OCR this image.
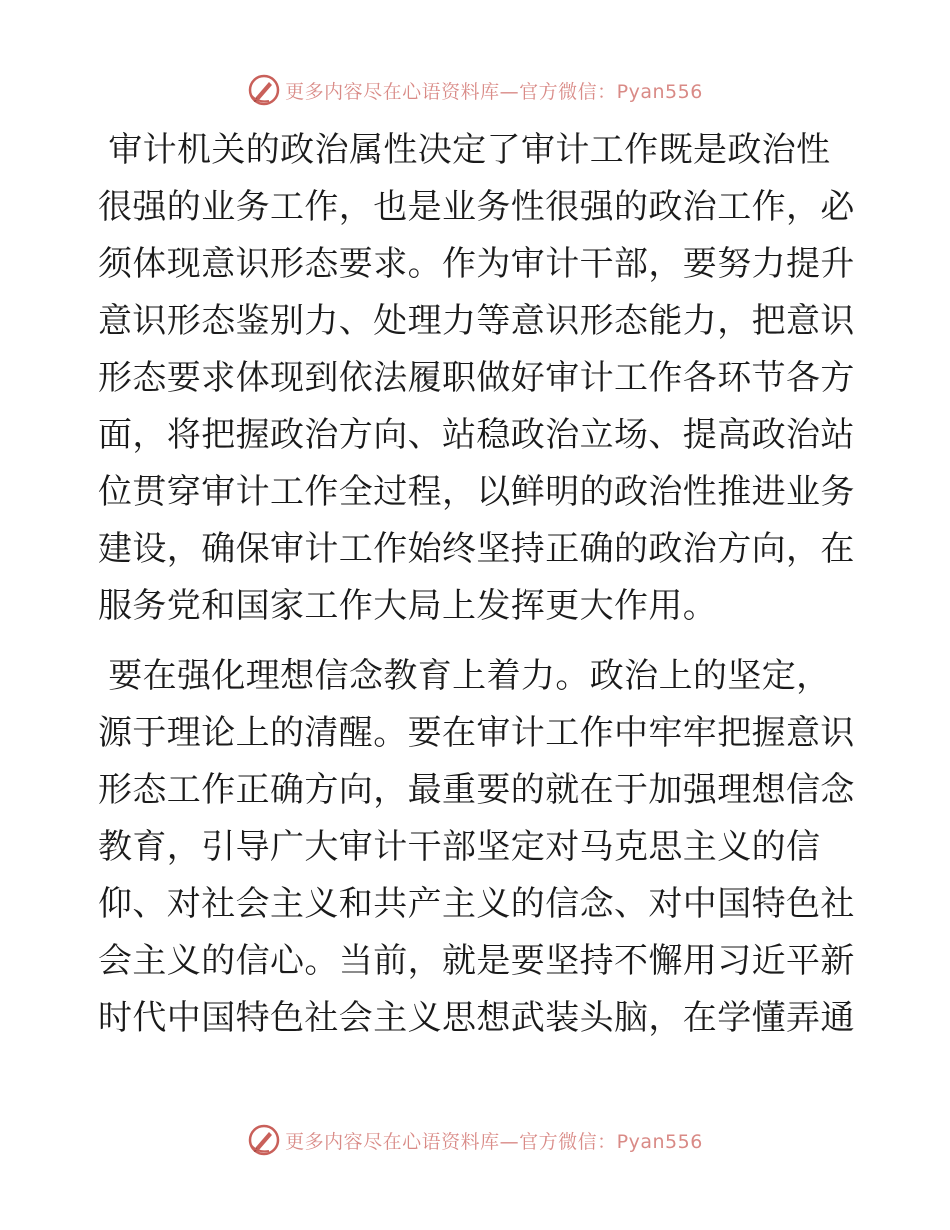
更多内容尽在心语资料库—官方微信：Pyan556

审计机关的政治属性决定了审计工作既是政治性很强的业务工作，也是业务性很强的政治工作，必须体现意识形态要求。作为审计干部，要努力提升意识形态鉴别力、处理力等意识形态能力，把意识形态要求体现到依法履职做好审计工作各环节各方面，将把握政治方向、站稳政治立场、提高政治站位贯穿审计工作全过程，以鲜明的政治性推进业务建设，确保审计工作始终坚持正确的政治方向，在服务党和国家工作大局上发挥更大作用。

要在强化理想信念教育上着力。政治上的坚定，源于理论上的清醒。要在审计工作中牢牢把握意识形态工作正确方向，最重要的就在于加强理想信念教育，引导广大审计干部坚定对马克思主义的信仰、对社会主义和共产主义的信念、对中国特色社会主义的信心。当前，就是要坚持不懈用习近平新时代中国特色社会主义思想武装头脑，在学懂弄通

更多内容尽在心语资料库—官方微信：Pyan556
